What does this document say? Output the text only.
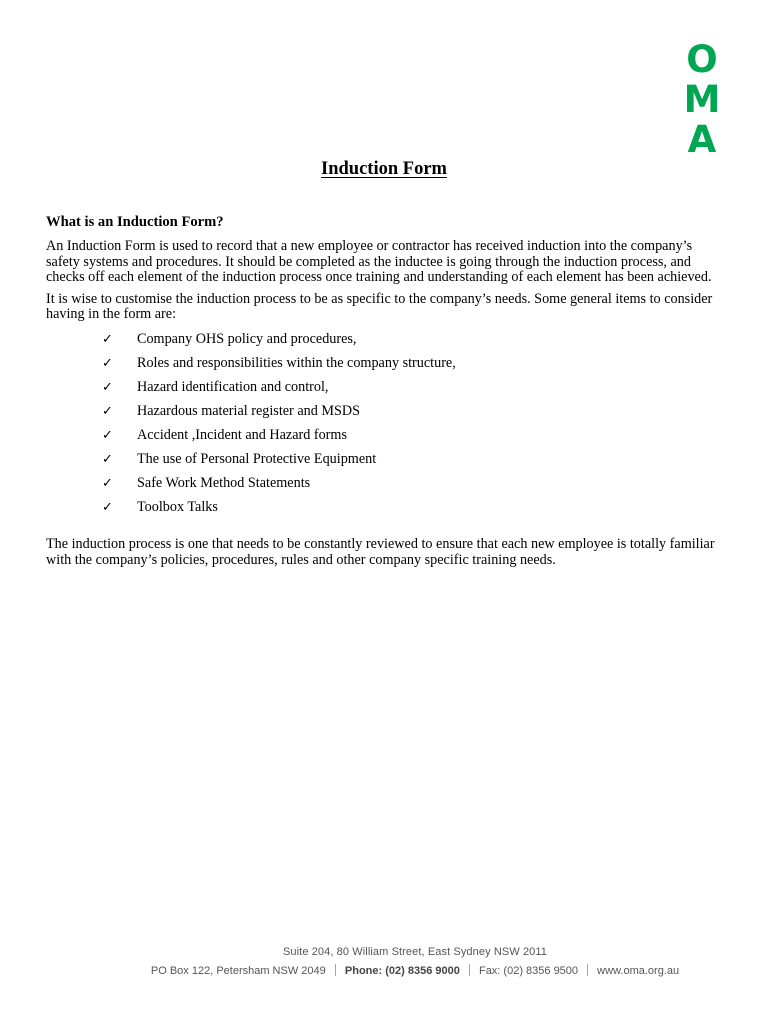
O
M
A
Induction Form
What is an Induction Form?

An Induction Form is used to record that a new employee or contractor has received induction into the company’s safety systems and procedures. It should be completed as the inductee is going through the induction process, and checks off each element of the induction process once training and understanding of each element has been achieved.

It is wise to customise the induction process to be as specific to the company’s needs. Some general items to consider having in the form are:

✓	Company OHS policy and procedures,
✓	Roles and responsibilities within the company structure,
✓	Hazard identification and control,
✓	Hazardous material register and MSDS
✓	Accident ,Incident and Hazard forms
✓	The use of Personal Protective Equipment
✓	Safe Work Method Statements
✓	Toolbox Talks

The induction process is one that needs to be constantly reviewed to ensure that each new employee is totally familiar with the company’s policies, procedures, rules and other company specific training needs.

Suite 204, 80 William Street, East Sydney NSW 2011
PO Box 122, Petersham NSW 2049 Phone: (02) 8356 9000 Fax: (02) 8356 9500 www.oma.org.au
